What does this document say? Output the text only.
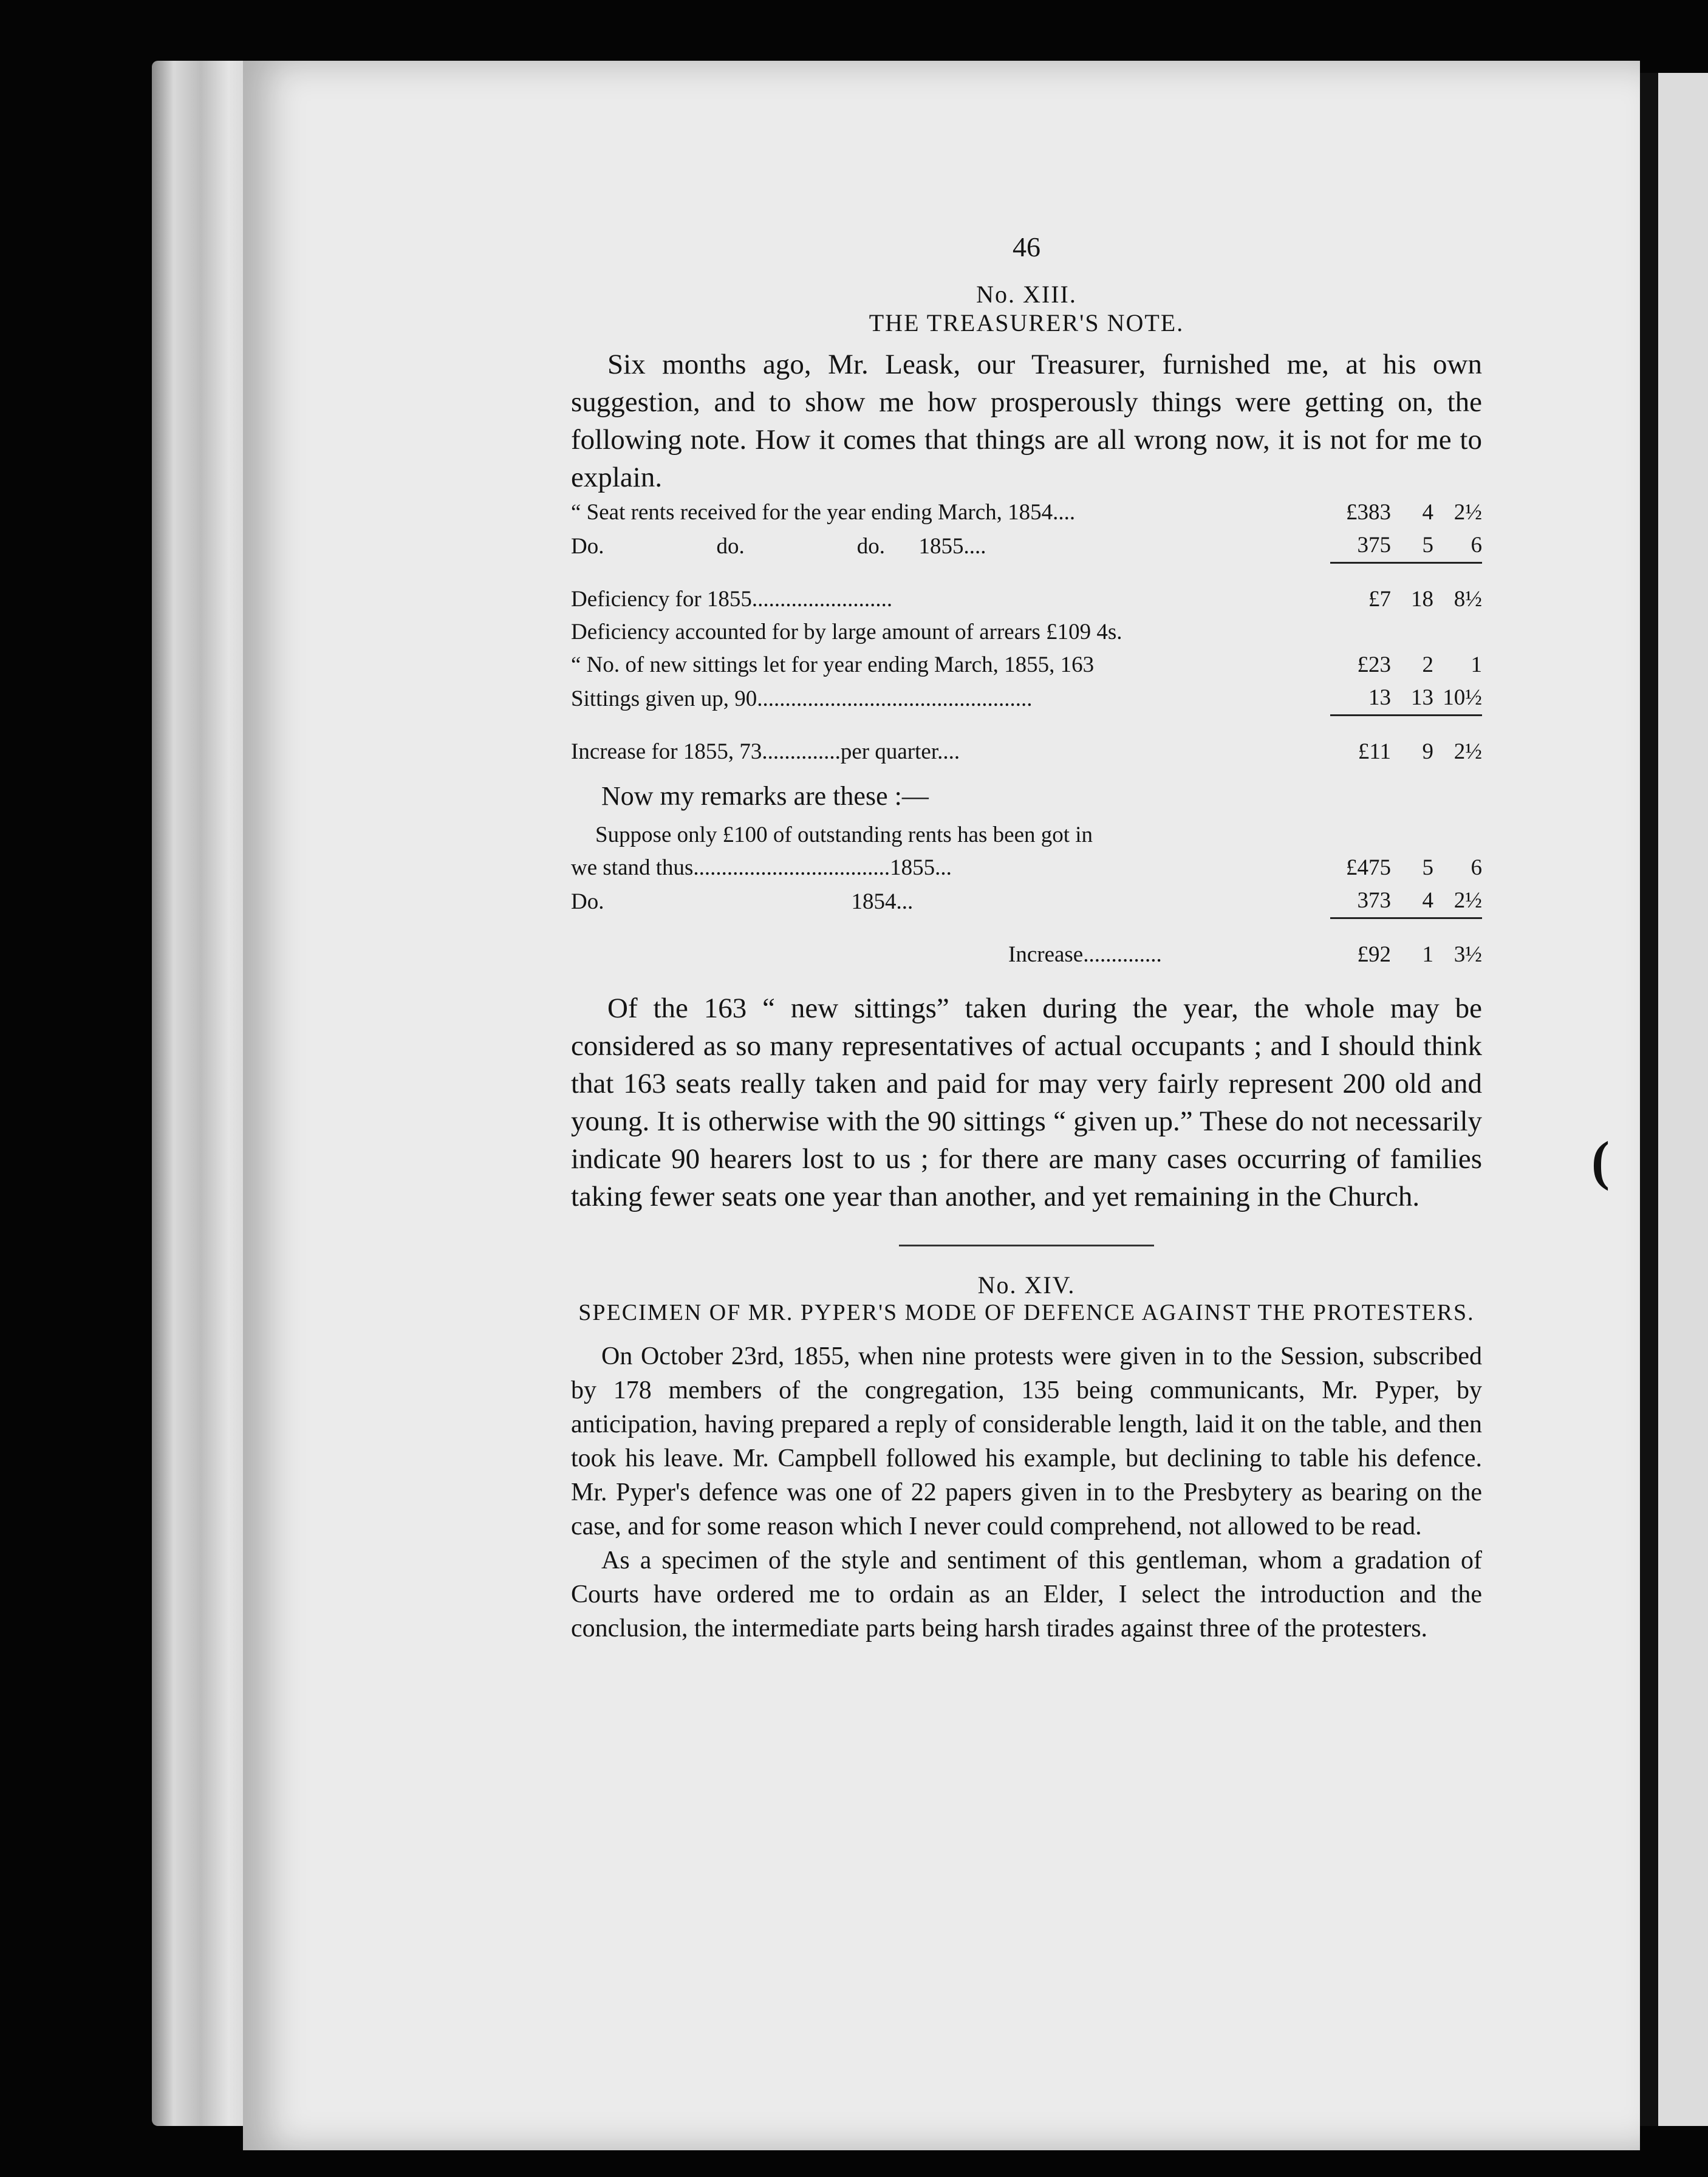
46
No. XIII.
THE TREASURER'S NOTE.

Six months ago, Mr. Leask, our Treasurer, furnished me, at his own suggestion, and to show me how prosperously things were getting on, the following note. How it comes that things are all wrong now, it is not for me to explain.

“ Seat rents received for the year ending March, 1854....	£383	4	2½
Do.                    do.                    do.      1855....	375	5	6

Deficiency for 1855.........................	£7	18	8½
Deficiency accounted for by large amount of arrears £109 4s.			
“ No. of new sittings let for year ending March, 1855, 163	£23	2	1
Sittings given up, 90.................................................	13	13	10½

Increase for 1855, 73..............per quarter....	£11	9	2½
Now my remarks are these :—
Suppose only £100 of outstanding rents has been got in			
we stand thus...................................1855...	£475	5	6
Do.                                            1854...	373	4	2½

Increase..............	£92	1	3½

Of the 163 “ new sittings” taken during the year, the whole may be considered as so many representatives of actual occupants ; and I should think that 163 seats really taken and paid for may very fairly represent 200 old and young. It is otherwise with the 90 sittings “ given up.” These do not necessarily indicate 90 hearers lost to us ; for there are many cases occurring of families taking fewer seats one year than another, and yet remaining in the Church.

No. XIV.
SPECIMEN OF MR. PYPER'S MODE OF DEFENCE AGAINST THE PROTESTERS.

On October 23rd, 1855, when nine protests were given in to the Session, subscribed by 178 members of the congregation, 135 being communicants, Mr. Pyper, by anticipation, having prepared a reply of considerable length, laid it on the table, and then took his leave. Mr. Campbell followed his example, but declining to table his defence. Mr. Pyper's defence was one of 22 papers given in to the Presbytery as bearing on the case, and for some reason which I never could comprehend, not allowed to be read.

As a specimen of the style and sentiment of this gentleman, whom a gradation of Courts have ordered me to ordain as an Elder, I select the introduction and the conclusion, the intermediate parts being harsh tirades against three of the protesters.

(
